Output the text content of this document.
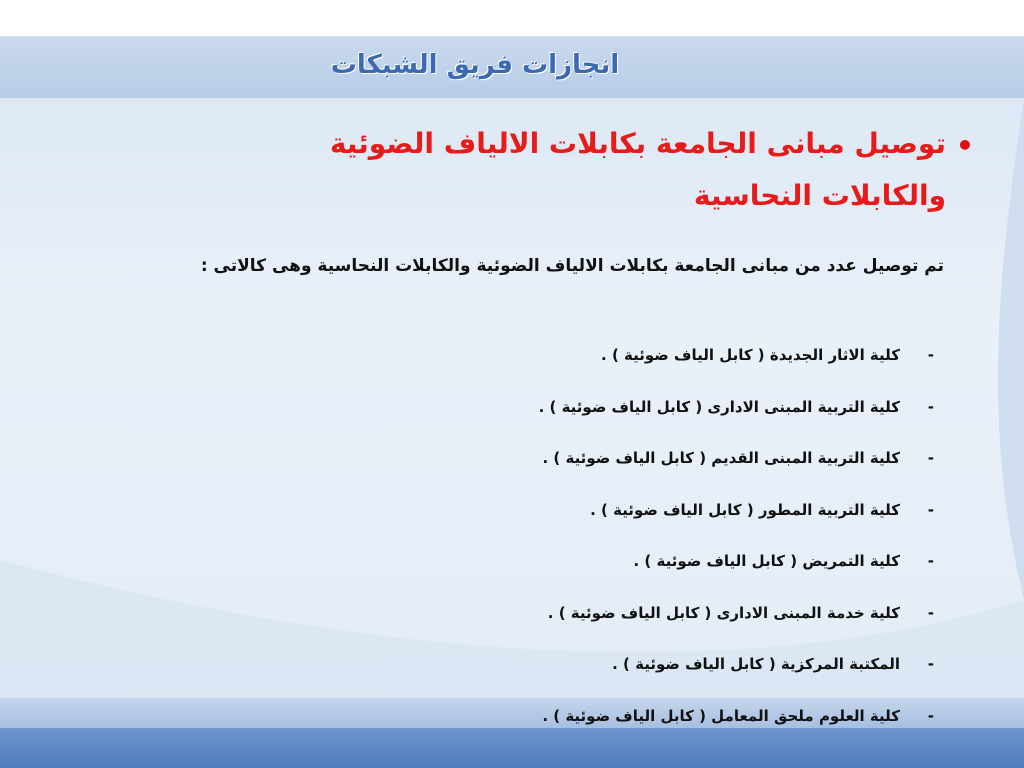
انجازات فريق الشبكات
•

توصيل مبانى الجامعة بكابلات الالياف الضوئية والكابلات النحاسية

تم توصيل عدد من مبانى الجامعة بكابلات الالياف الضوئية والكابلات النحاسية وهى كالاتى :

-
كلية الاثار الجديدة ( كابل الياف ضوئية ) .
-
كلية التربية المبنى الادارى ( كابل الياف ضوئية ) .
-
كلية التربية المبنى القديم ( كابل الياف ضوئية ) .
-
كلية التربية المطور ( كابل الياف ضوئية ) .
-
كلية التمريض ( كابل الياف ضوئية ) .
-
كلية خدمة المبنى الادارى ( كابل الياف ضوئية ) .
-
المكتبة المركزية ( كابل الياف ضوئية ) .
-
كلية العلوم ملحق المعامل ( كابل الياف ضوئية ) .
